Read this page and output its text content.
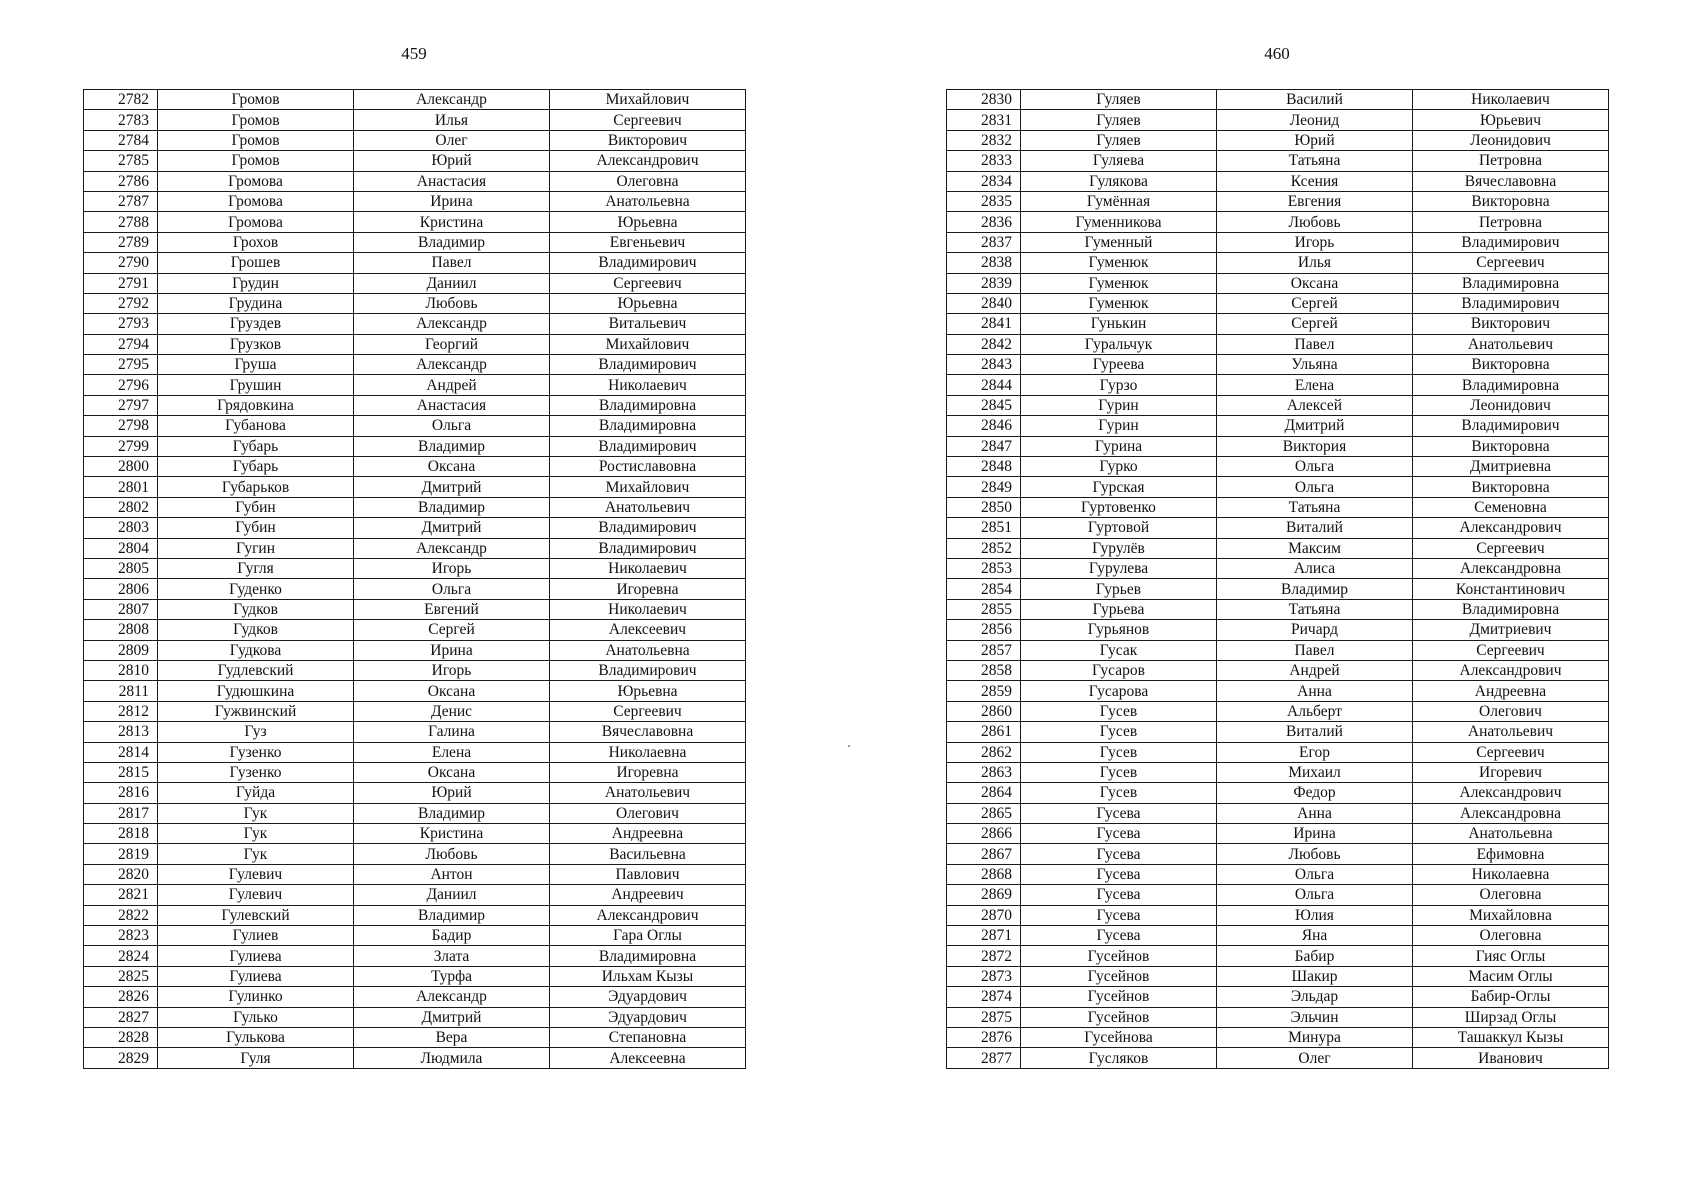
459
2782	Громов	Александр	Михайлович
2783	Громов	Илья	Сергеевич
2784	Громов	Олег	Викторович
2785	Громов	Юрий	Александрович
2786	Громова	Анастасия	Олеговна
2787	Громова	Ирина	Анатольевна
2788	Громова	Кристина	Юрьевна
2789	Грохов	Владимир	Евгеньевич
2790	Грошев	Павел	Владимирович
2791	Грудин	Даниил	Сергеевич
2792	Грудина	Любовь	Юрьевна
2793	Груздев	Александр	Витальевич
2794	Грузков	Георгий	Михайлович
2795	Груша	Александр	Владимирович
2796	Грушин	Андрей	Николаевич
2797	Грядовкина	Анастасия	Владимировна
2798	Губанова	Ольга	Владимировна
2799	Губарь	Владимир	Владимирович
2800	Губарь	Оксана	Ростиславовна
2801	Губарьков	Дмитрий	Михайлович
2802	Губин	Владимир	Анатольевич
2803	Губин	Дмитрий	Владимирович
2804	Гугин	Александр	Владимирович
2805	Гугля	Игорь	Николаевич
2806	Гуденко	Ольга	Игоревна
2807	Гудков	Евгений	Николаевич
2808	Гудков	Сергей	Алексеевич
2809	Гудкова	Ирина	Анатольевна
2810	Гудлевский	Игорь	Владимирович
2811	Гудюшкина	Оксана	Юрьевна
2812	Гужвинский	Денис	Сергеевич
2813	Гуз	Галина	Вячеславовна
2814	Гузенко	Елена	Николаевна
2815	Гузенко	Оксана	Игоревна
2816	Гуйда	Юрий	Анатольевич
2817	Гук	Владимир	Олегович
2818	Гук	Кристина	Андреевна
2819	Гук	Любовь	Васильевна
2820	Гулевич	Антон	Павлович
2821	Гулевич	Даниил	Андреевич
2822	Гулевский	Владимир	Александрович
2823	Гулиев	Бадир	Гара Оглы
2824	Гулиева	Злата	Владимировна
2825	Гулиева	Турфа	Ильхам Кызы
2826	Гулинко	Александр	Эдуардович
2827	Гулько	Дмитрий	Эдуардович
2828	Гулькова	Вера	Степановна
2829	Гуля	Людмила	Алексеевна
460
2830	Гуляев	Василий	Николаевич
2831	Гуляев	Леонид	Юрьевич
2832	Гуляев	Юрий	Леонидович
2833	Гуляева	Татьяна	Петровна
2834	Гулякова	Ксения	Вячеславовна
2835	Гумённая	Евгения	Викторовна
2836	Гуменникова	Любовь	Петровна
2837	Гуменный	Игорь	Владимирович
2838	Гуменюк	Илья	Сергеевич
2839	Гуменюк	Оксана	Владимировна
2840	Гуменюк	Сергей	Владимирович
2841	Гунькин	Сергей	Викторович
2842	Гуральчук	Павел	Анатольевич
2843	Гуреева	Ульяна	Викторовна
2844	Гурзо	Елена	Владимировна
2845	Гурин	Алексей	Леонидович
2846	Гурин	Дмитрий	Владимирович
2847	Гурина	Виктория	Викторовна
2848	Гурко	Ольга	Дмитриевна
2849	Гурская	Ольга	Викторовна
2850	Гуртовенко	Татьяна	Семеновна
2851	Гуртовой	Виталий	Александрович
2852	Гурулёв	Максим	Сергеевич
2853	Гурулева	Алиса	Александровна
2854	Гурьев	Владимир	Константинович
2855	Гурьева	Татьяна	Владимировна
2856	Гурьянов	Ричард	Дмитриевич
2857	Гусак	Павел	Сергеевич
2858	Гусаров	Андрей	Александрович
2859	Гусарова	Анна	Андреевна
2860	Гусев	Альберт	Олегович
2861	Гусев	Виталий	Анатольевич
2862	Гусев	Егор	Сергеевич
2863	Гусев	Михаил	Игоревич
2864	Гусев	Федор	Александрович
2865	Гусева	Анна	Александровна
2866	Гусева	Ирина	Анатольевна
2867	Гусева	Любовь	Ефимовна
2868	Гусева	Ольга	Николаевна
2869	Гусева	Ольга	Олеговна
2870	Гусева	Юлия	Михайловна
2871	Гусева	Яна	Олеговна
2872	Гусейнов	Бабир	Гияс Оглы
2873	Гусейнов	Шакир	Масим Оглы
2874	Гусейнов	Эльдар	Бабир-Оглы
2875	Гусейнов	Эльчин	Ширзад Оглы
2876	Гусейнова	Минура	Ташаккул Кызы
2877	Гусляков	Олег	Иванович
